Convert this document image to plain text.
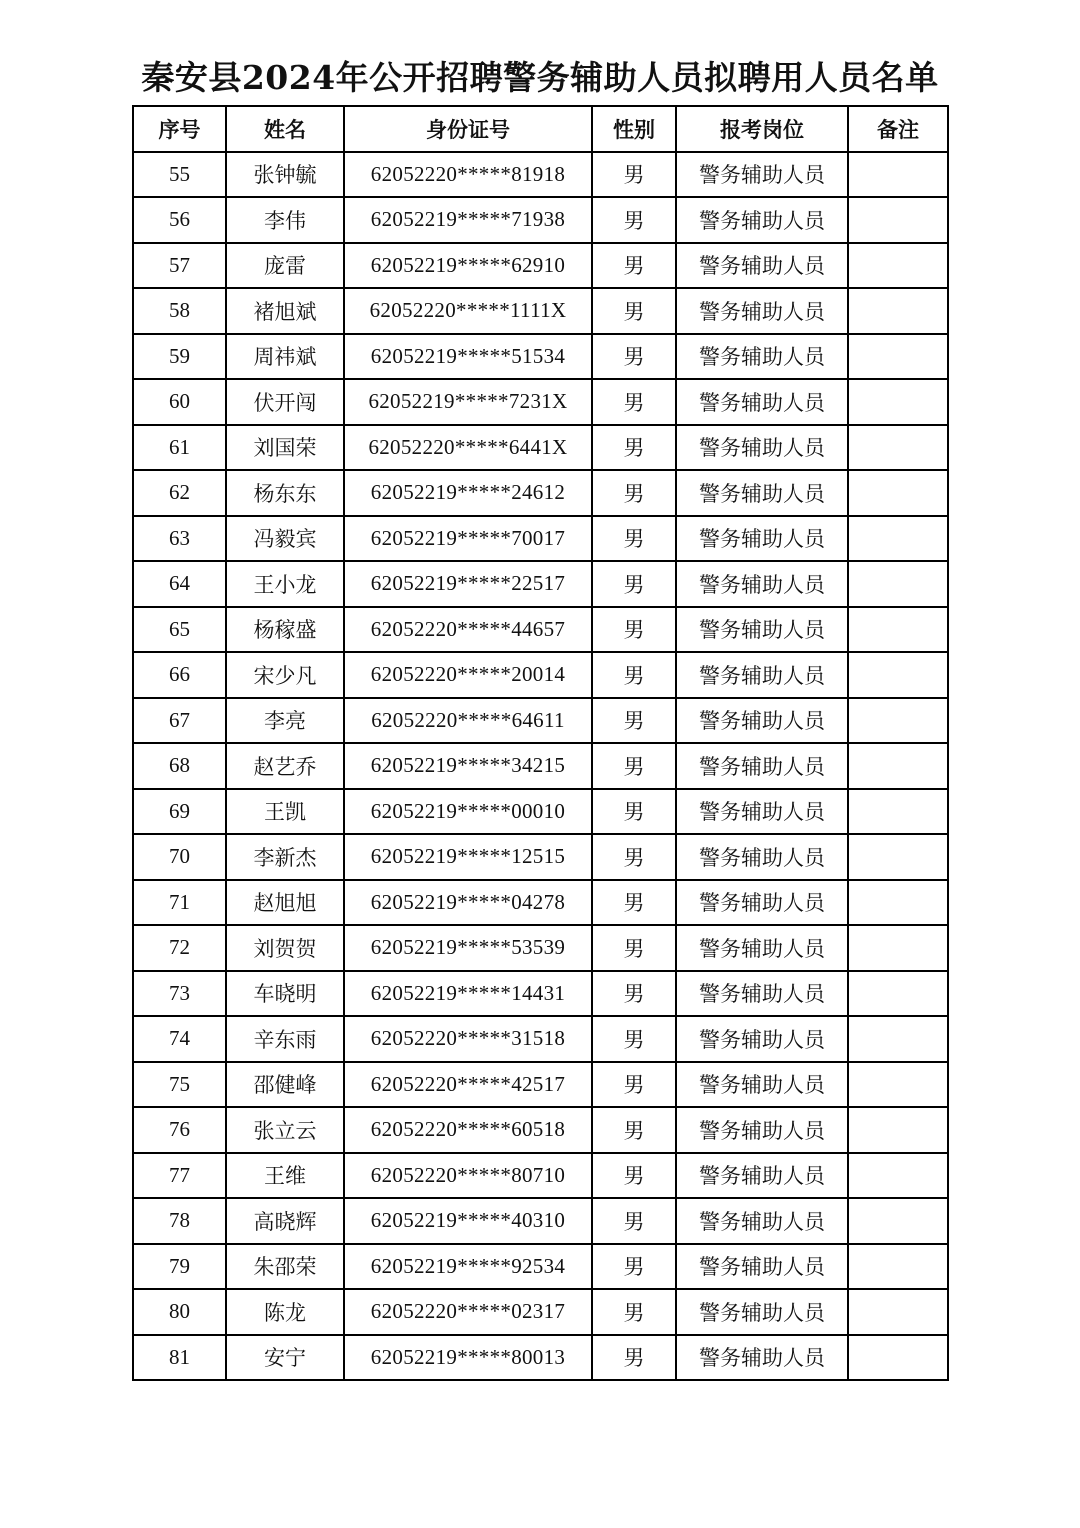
秦安县2024年公开招聘警务辅助人员拟聘用人员名单
序号	姓名	身份证号	性别	报考岗位	备注
55	张钟毓	62052220*****81918	男	警务辅助人员	
56	李伟	62052219*****71938	男	警务辅助人员	
57	庞雷	62052219*****62910	男	警务辅助人员	
58	褚旭斌	62052220*****1111X	男	警务辅助人员	
59	周祎斌	62052219*****51534	男	警务辅助人员	
60	伏开闯	62052219*****7231X	男	警务辅助人员	
61	刘国荣	62052220*****6441X	男	警务辅助人员	
62	杨东东	62052219*****24612	男	警务辅助人员	
63	冯毅宾	62052219*****70017	男	警务辅助人员	
64	王小龙	62052219*****22517	男	警务辅助人员	
65	杨稼盛	62052220*****44657	男	警务辅助人员	
66	宋少凡	62052220*****20014	男	警务辅助人员	
67	李亮	62052220*****64611	男	警务辅助人员	
68	赵艺乔	62052219*****34215	男	警务辅助人员	
69	王凯	62052219*****00010	男	警务辅助人员	
70	李新杰	62052219*****12515	男	警务辅助人员	
71	赵旭旭	62052219*****04278	男	警务辅助人员	
72	刘贺贺	62052219*****53539	男	警务辅助人员	
73	车晓明	62052219*****14431	男	警务辅助人员	
74	辛东雨	62052220*****31518	男	警务辅助人员	
75	邵健峰	62052220*****42517	男	警务辅助人员	
76	张立云	62052220*****60518	男	警务辅助人员	
77	王维	62052220*****80710	男	警务辅助人员	
78	高晓辉	62052219*****40310	男	警务辅助人员	
79	朱邵荣	62052219*****92534	男	警务辅助人员	
80	陈龙	62052220*****02317	男	警务辅助人员	
81	安宁	62052219*****80013	男	警务辅助人员	
